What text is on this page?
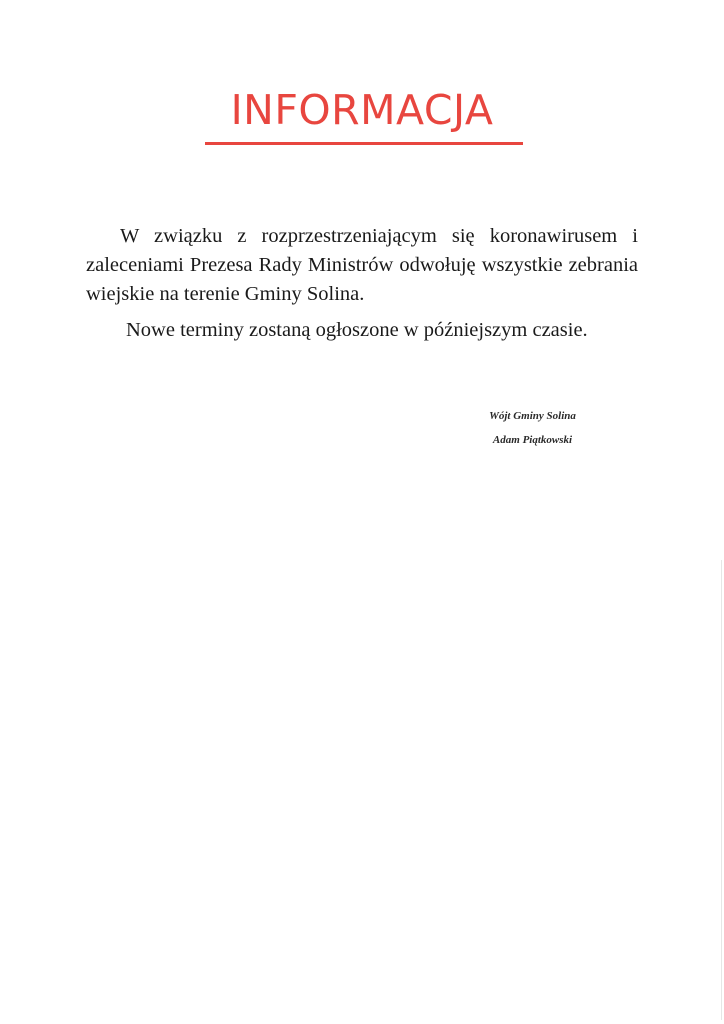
INFORMACJA

W związku z rozprzestrzeniającym się koronawirusem i zaleceniami Prezesa Rady Ministrów odwołuję wszystkie zebrania wiejskie na terenie Gminy Solina.

Nowe terminy zostaną ogłoszone w późniejszym czasie.

Wójt Gminy Solina
Adam Piątkowski
